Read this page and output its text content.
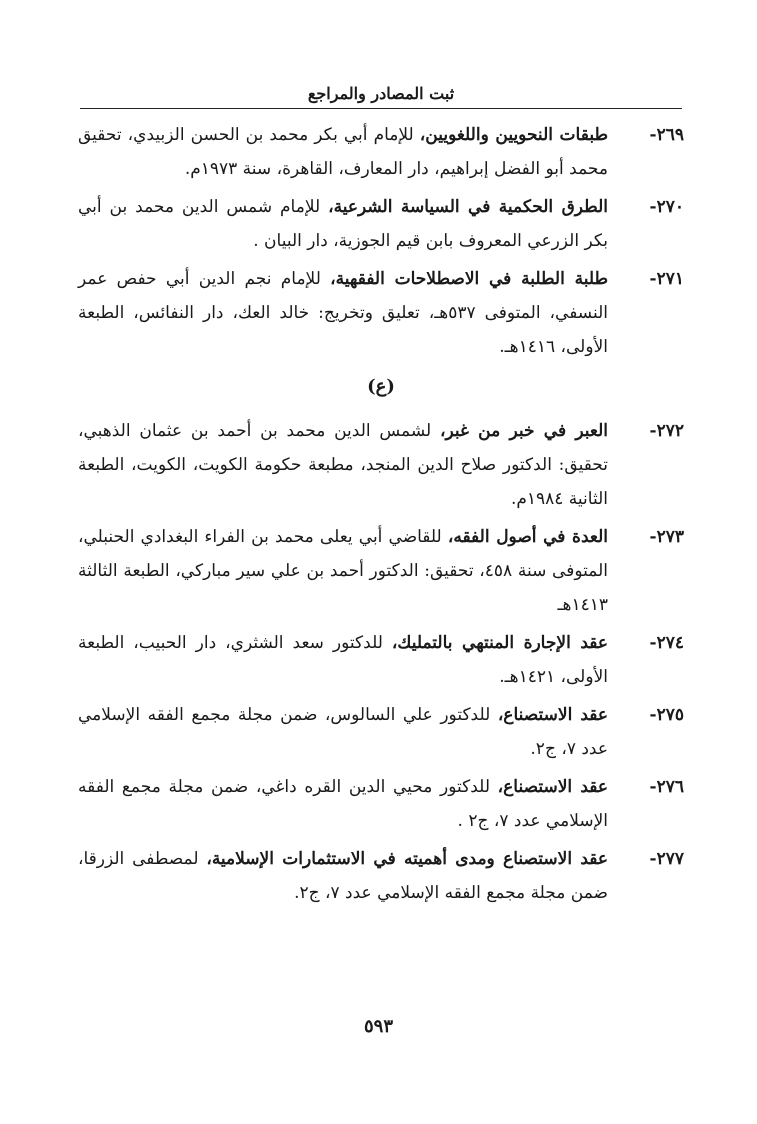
ثبت المصادر والمراجع
٢٦٩-
طبقات النحويين واللغويين، للإمام أبي بكر محمد بن الحسن الزبيدي، تحقيق محمد أبو الفضل إبراهيم، دار المعارف، القاهرة، سنة ١٩٧٣م.
٢٧٠-
الطرق الحكمية في السياسة الشرعية، للإمام شمس الدين محمد بن أبي بكر الزرعي المعروف بابن قيم الجوزية، دار البيان .
٢٧١-
طلبة الطلبة في الاصطلاحات الفقهية، للإمام نجم الدين أبي حفص عمر النسفي، المتوفى ٥٣٧هـ، تعليق وتخريج: خالد العك، دار النفائس، الطبعة الأولى، ١٤١٦هـ.
(ع)
٢٧٢-
العبر في خبر من غبر، لشمس الدين محمد بن أحمد بن عثمان الذهبي، تحقيق: الدكتور صلاح الدين المنجد، مطبعة حكومة الكويت، الكويت، الطبعة الثانية ١٩٨٤م.
٢٧٣-
العدة في أصول الفقه، للقاضي أبي يعلى محمد بن الفراء البغدادي الحنبلي، المتوفى سنة ٤٥٨، تحقيق: الدكتور أحمد بن علي سير مباركي، الطبعة الثالثة ١٤١٣هـ
٢٧٤-
عقد الإجارة المنتهي بالتمليك، للدكتور سعد الشثري، دار الحبيب، الطبعة الأولى، ١٤٢١هـ.
٢٧٥-
عقد الاستصناع، للدكتور علي السالوس، ضمن مجلة مجمع الفقه الإسلامي عدد ٧، ج٢.
٢٧٦-
عقد الاستصناع، للدكتور محيي الدين القره داغي، ضمن مجلة مجمع الفقه الإسلامي عدد ٧، ج٢ .
٢٧٧-
عقد الاستصناع ومدى أهميته في الاستثمارات الإسلامية، لمصطفى الزرقا، ضمن مجلة مجمع الفقه الإسلامي عدد ٧، ج٢.
٥٩٣
